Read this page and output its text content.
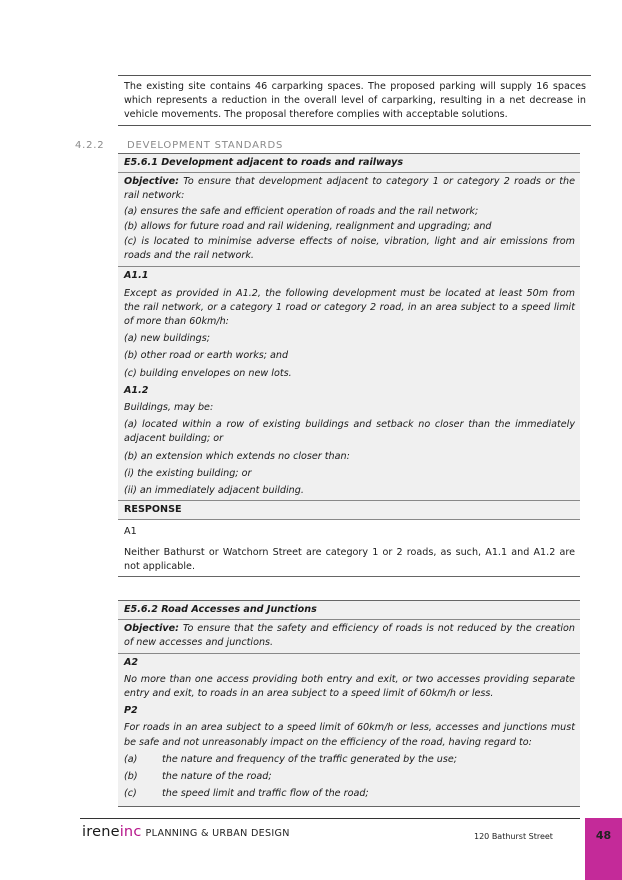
The existing site contains 46 carparking spaces. The proposed parking will supply 16 spaces which represents a reduction in the overall level of carparking, resulting in a net decrease in vehicle movements. The proposal therefore complies with acceptable solutions.

4.2.2 DEVELOPMENT STANDARDS
E5.6.1 Development adjacent to roads and railways

Objective: To ensure that development adjacent to category 1 or category 2 roads or the rail network:

(a) ensures the safe and efficient operation of roads and the rail network;

(b) allows for future road and rail widening, realignment and upgrading; and

(c) is located to minimise adverse effects of noise, vibration, light and air emissions from roads and the rail network.

A1.1

Except as provided in A1.2, the following development must be located at least 50m from the rail network, or a category 1 road or category 2 road, in an area subject to a speed limit of more than 60km/h:

(a) new buildings;

(b) other road or earth works; and

(c) building envelopes on new lots.

A1.2

Buildings, may be:

(a) located within a row of existing buildings and setback no closer than the immediately adjacent building; or

(b) an extension which extends no closer than:

(i) the existing building; or

(ii) an immediately adjacent building.

RESPONSE

A1

Neither Bathurst or Watchorn Street are category 1 or 2 roads, as such, A1.1 and A1.2 are not applicable.

E5.6.2 Road Accesses and Junctions

Objective: To ensure that the safety and efficiency of roads is not reduced by the creation of new accesses and junctions.

A2

No more than one access providing both entry and exit, or two accesses providing separate entry and exit, to roads in an area subject to a speed limit of 60km/h or less.

P2

For roads in an area subject to a speed limit of 60km/h or less, accesses and junctions must be safe and not unreasonably impact on the efficiency of the road, having regard to:

(a)	the nature and frequency of the traffic generated by the use;
(b)	the nature of the road;
(c)	the speed limit and traffic flow of the road;
ireneinc PLANNING & URBAN DESIGN	120 Bathurst Street	48
